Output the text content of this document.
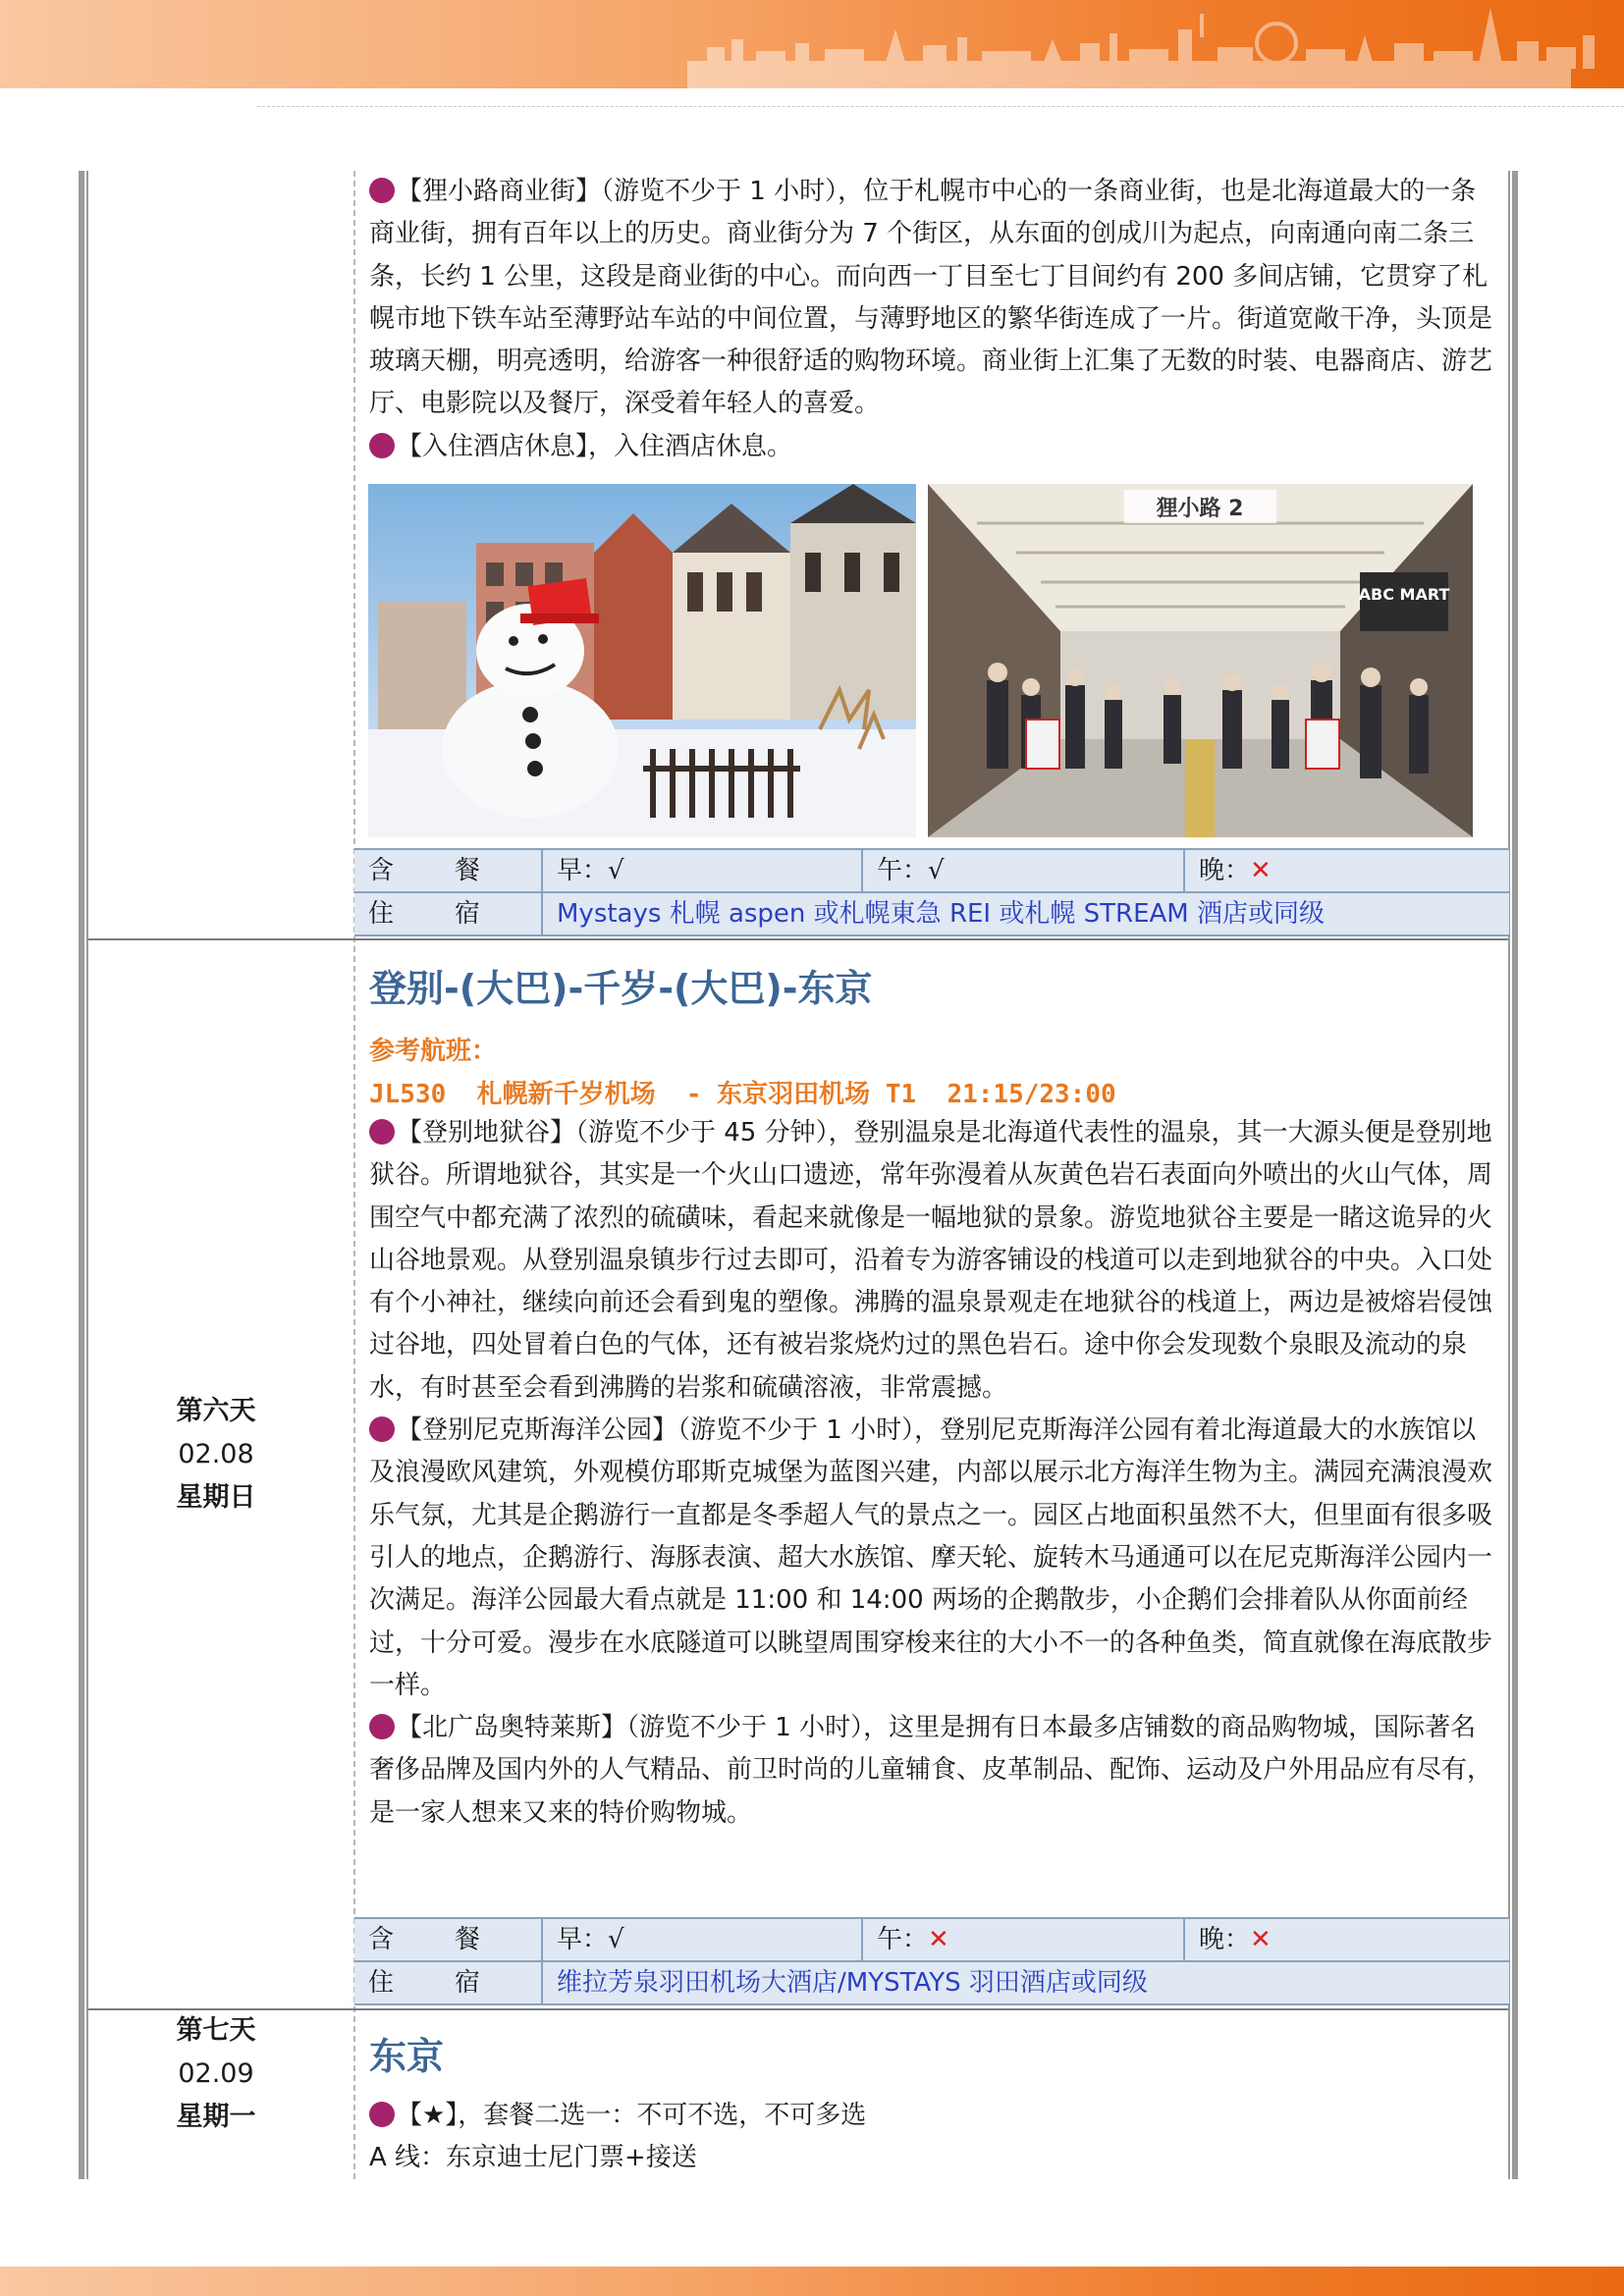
【狸小路商业街】（游览不少于 1 小时），位于札幌市中心的一条商业街，也是北海道最大的一条商业街，拥有百年以上的历史。商业街分为 7 个街区，从东面的创成川为起点，向南通向南二条三条，长约 1 公里，这段是商业街的中心。而向西一丁目至七丁目间约有 200 多间店铺，它贯穿了札幌市地下铁车站至薄野站车站的中间位置，与薄野地区的繁华街连成了一片。街道宽敞干净，头顶是玻璃天棚，明亮透明，给游客一种很舒适的购物环境。商业街上汇集了无数的时装、电器商店、游艺厅、电影院以及餐厅，深受着年轻人的喜爱。

【入住酒店休息】，入住酒店休息。

ABC MART
狸小路 2
含　餐	早：√	午：√	晚：✕
住　宿	Mystays 札幌 aspen 或札幌東急 REI 或札幌 STREAM 酒店或同级
第六天
02.08
星期日
登别-(大巴)-千岁-(大巴)-东京
参考航班：
JL530  札幌新千岁机场  - 东京羽田机场 T1  21:15/23:00

【登别地狱谷】（游览不少于 45 分钟），登别温泉是北海道代表性的温泉，其一大源头便是登别地狱谷。所谓地狱谷，其实是一个火山口遗迹，常年弥漫着从灰黄色岩石表面向外喷出的火山气体，周围空气中都充满了浓烈的硫磺味，看起来就像是一幅地狱的景象。游览地狱谷主要是一睹这诡异的火山谷地景观。从登别温泉镇步行过去即可，沿着专为游客铺设的栈道可以走到地狱谷的中央。入口处有个小神社，继续向前还会看到鬼的塑像。沸腾的温泉景观走在地狱谷的栈道上，两边是被熔岩侵蚀过谷地，四处冒着白色的气体，还有被岩浆烧灼过的黑色岩石。途中你会发现数个泉眼及流动的泉水，有时甚至会看到沸腾的岩浆和硫磺溶液，非常震撼。

【登别尼克斯海洋公园】（游览不少于 1 小时），登别尼克斯海洋公园有着北海道最大的水族馆以及浪漫欧风建筑，外观模仿耶斯克城堡为蓝图兴建，内部以展示北方海洋生物为主。满园充满浪漫欢乐气氛，尤其是企鹅游行一直都是冬季超人气的景点之一。园区占地面积虽然不大，但里面有很多吸引人的地点，企鹅游行、海豚表演、超大水族馆、摩天轮、旋转木马通通可以在尼克斯海洋公园内一次满足。海洋公园最大看点就是 11:00 和 14:00 两场的企鹅散步，小企鹅们会排着队从你面前经过，十分可爱。漫步在水底隧道可以眺望周围穿梭来往的大小不一的各种鱼类，简直就像在海底散步一样。

【北广岛奥特莱斯】（游览不少于 1 小时），这里是拥有日本最多店铺数的商品购物城，国际著名奢侈品牌及国内外的人气精品、前卫时尚的儿童辅食、皮革制品、配饰、运动及户外用品应有尽有，是一家人想来又来的特价购物城。

含　餐	早：√	午：✕	晚：✕
住　宿	维拉芳泉羽田机场大酒店/MYSTAYS 羽田酒店或同级
第七天
02.09
星期一
东京

【★】，套餐二选一：不可不选，不可多选

A 线：东京迪士尼门票+接送
